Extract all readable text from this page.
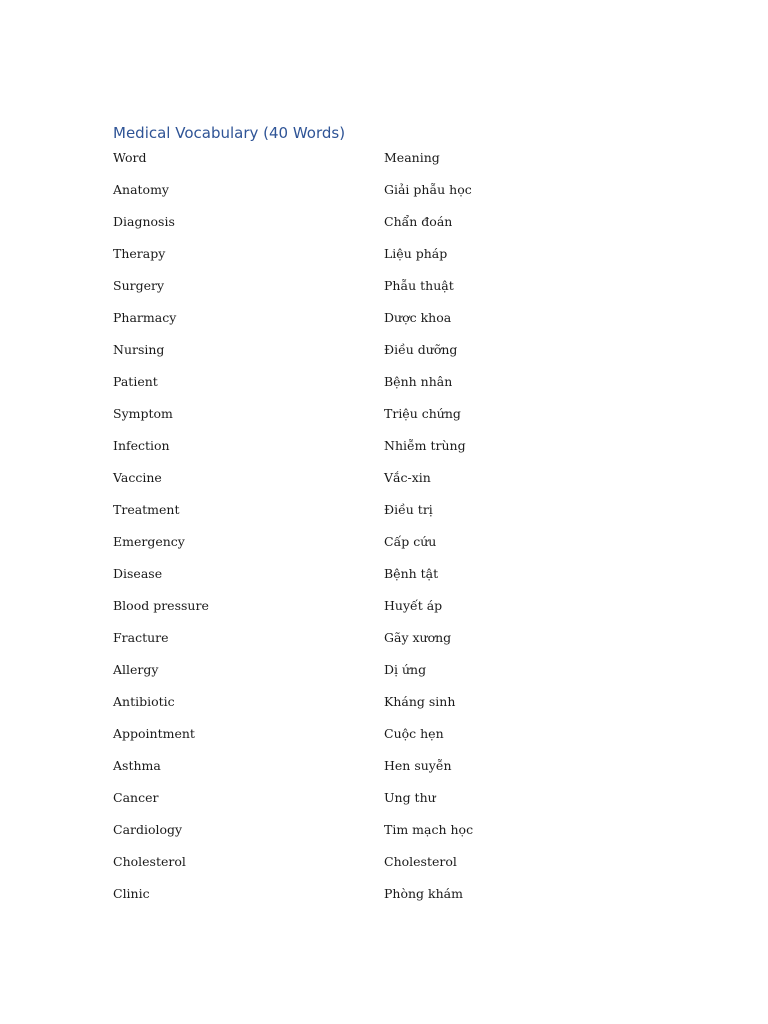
Medical Vocabulary (40 Words)
Word	Meaning
Anatomy	Giải phẫu học
Diagnosis	Chẩn đoán
Therapy	Liệu pháp
Surgery	Phẫu thuật
Pharmacy	Dược khoa
Nursing	Điều dưỡng
Patient	Bệnh nhân
Symptom	Triệu chứng
Infection	Nhiễm trùng
Vaccine	Vắc-xin
Treatment	Điều trị
Emergency	Cấp cứu
Disease	Bệnh tật
Blood pressure	Huyết áp
Fracture	Gãy xương
Allergy	Dị ứng
Antibiotic	Kháng sinh
Appointment	Cuộc hẹn
Asthma	Hen suyễn
Cancer	Ung thư
Cardiology	Tim mạch học
Cholesterol	Cholesterol
Clinic	Phòng khám
